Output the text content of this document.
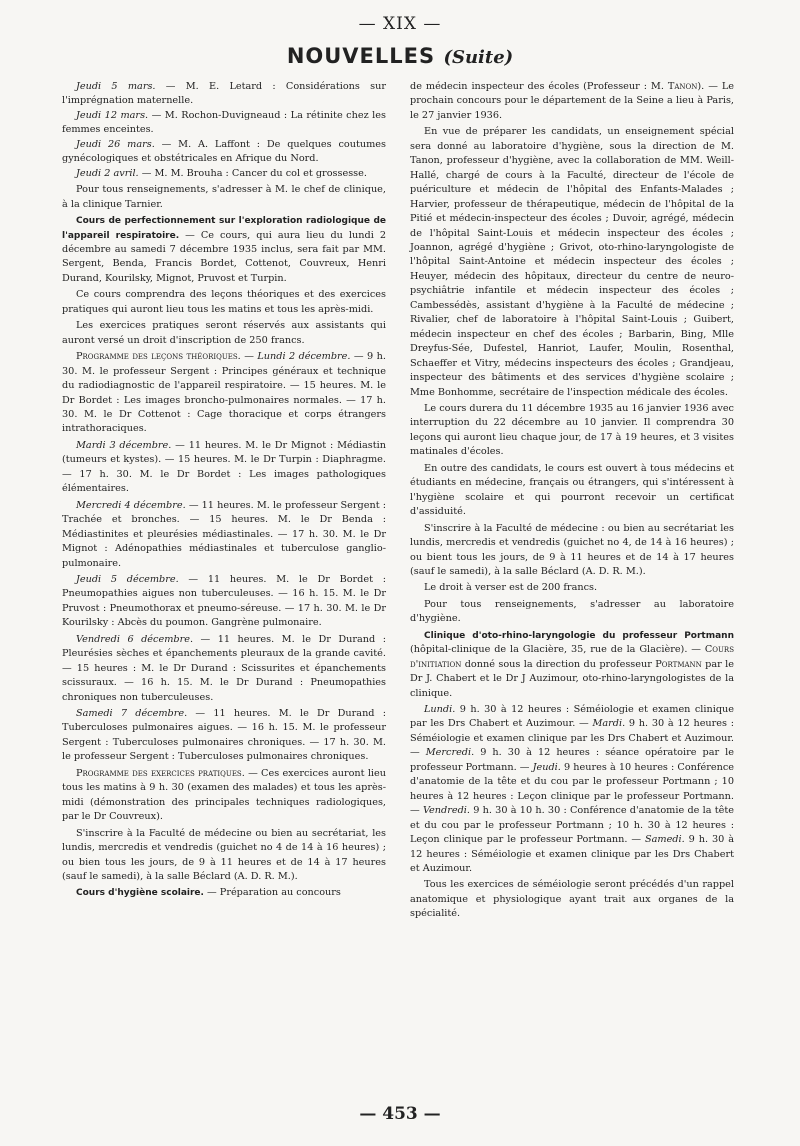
— XIX —
NOUVELLES (Suite)

Jeudi 5 mars. — M. E. Letard : Considérations sur l'imprégnation maternelle.

Jeudi 12 mars. — M. Rochon-Duvigneaud : La rétinite chez les femmes enceintes.

Jeudi 26 mars. — M. A. Laffont : De quelques coutumes gynécologiques et obstétricales en Afrique du Nord.

Jeudi 2 avril. — M. M. Brouha : Cancer du col et grossesse.

Pour tous renseignements, s'adresser à M. le chef de clinique, à la clinique Tarnier.

Cours de perfectionnement sur l'exploration radiologique de l'appareil respiratoire. — Ce cours, qui aura lieu du lundi 2 décembre au samedi 7 décembre 1935 inclus, sera fait par MM. Sergent, Benda, Francis Bordet, Cottenot, Couvreux, Henri Durand, Kourilsky, Mignot, Pruvost et Turpin.

Ce cours comprendra des leçons théoriques et des exercices pratiques qui auront lieu tous les matins et tous les après-midi.

Les exercices pratiques seront réservés aux assistants qui auront versé un droit d'inscription de 250 francs.

Programme des leçons théoriques. — Lundi 2 décembre. — 9 h. 30. M. le professeur Sergent : Principes généraux et technique du radiodiagnostic de l'appareil respiratoire. — 15 heures. M. le Dr Bordet : Les images broncho-pulmonaires normales. — 17 h. 30. M. le Dr Cottenot : Cage thoracique et corps étrangers intrathoraciques.

Mardi 3 décembre. — 11 heures. M. le Dr Mignot : Médiastin (tumeurs et kystes). — 15 heures. M. le Dr Turpin : Diaphragme. — 17 h. 30. M. le Dr Bordet : Les images pathologiques élémentaires.

Mercredi 4 décembre. — 11 heures. M. le professeur Sergent : Trachée et bronches. — 15 heures. M. le Dr Benda : Médiastinites et pleurésies médiastinales. — 17 h. 30. M. le Dr Mignot : Adénopathies médiastinales et tuberculose ganglio-pulmonaire.

Jeudi 5 décembre. — 11 heures. M. le Dr Bordet : Pneumopathies aigues non tuberculeuses. — 16 h. 15. M. le Dr Pruvost : Pneumothorax et pneumo-séreuse. — 17 h. 30. M. le Dr Kourilsky : Abcès du poumon. Gangrène pulmonaire.

Vendredi 6 décembre. — 11 heures. M. le Dr Durand : Pleurésies sèches et épanchements pleuraux de la grande cavité. — 15 heures : M. le Dr Durand : Scissurites et épanchements scissuraux. — 16 h. 15. M. le Dr Durand : Pneumopathies chroniques non tuberculeuses.

Samedi 7 décembre. — 11 heures. M. le Dr Durand : Tuberculoses pulmonaires aigues. — 16 h. 15. M. le professeur Sergent : Tuberculoses pulmonaires chroniques. — 17 h. 30. M. le professeur Sergent : Tuberculoses pulmonaires chroniques.

Programme des exercices pratiques. — Ces exercices auront lieu tous les matins à 9 h. 30 (examen des malades) et tous les après-midi (démonstration des principales techniques radiologiques, par le Dr Couvreux).

S'inscrire à la Faculté de médecine ou bien au secrétariat, les lundis, mercredis et vendredis (guichet no 4 de 14 à 16 heures) ; ou bien tous les jours, de 9 à 11 heures et de 14 à 17 heures (sauf le samedi), à la salle Béclard (A. D. R. M.).

Cours d'hygiène scolaire. — Préparation au concours

de médecin inspecteur des écoles (Professeur : M. Tanon). — Le prochain concours pour le département de la Seine a lieu à Paris, le 27 janvier 1936.

En vue de préparer les candidats, un enseignement spécial sera donné au laboratoire d'hygiène, sous la direction de M. Tanon, professeur d'hygiène, avec la collaboration de MM. Weill-Hallé, chargé de cours à la Faculté, directeur de l'école de puériculture et médecin de l'hôpital des Enfants-Malades ; Harvier, professeur de thérapeutique, médecin de l'hôpital de la Pitié et médecin-inspecteur des écoles ; Duvoir, agrégé, médecin de l'hôpital Saint-Louis et médecin inspecteur des écoles ; Joannon, agrégé d'hygiène ; Grivot, oto-rhino-laryngologiste de l'hôpital Saint-Antoine et médecin inspecteur des écoles ; Heuyer, médecin des hôpitaux, directeur du centre de neuro-psychiâtrie infantile et médecin inspecteur des écoles ; Cambessédès, assistant d'hygiène à la Faculté de médecine ; Rivalier, chef de laboratoire à l'hôpital Saint-Louis ; Guibert, médecin inspecteur en chef des écoles ; Barbarin, Bing, Mlle Dreyfus-Sée, Dufestel, Hanriot, Laufer, Moulin, Rosenthal, Schaeffer et Vitry, médecins inspecteurs des écoles ; Grandjeau, inspecteur des bâtiments et des services d'hygiène scolaire ; Mme Bonhomme, secrétaire de l'inspection médicale des écoles.

Le cours durera du 11 décembre 1935 au 16 janvier 1936 avec interruption du 22 décembre au 10 janvier. Il comprendra 30 leçons qui auront lieu chaque jour, de 17 à 19 heures, et 3 visites matinales d'écoles.

En outre des candidats, le cours est ouvert à tous médecins et étudiants en médecine, français ou étrangers, qui s'intéressent à l'hygiène scolaire et qui pourront recevoir un certificat d'assiduité.

S'inscrire à la Faculté de médecine : ou bien au secrétariat les lundis, mercredis et vendredis (guichet no 4, de 14 à 16 heures) ; ou bient tous les jours, de 9 à 11 heures et de 14 à 17 heures (sauf le samedi), à la salle Béclard (A. D. R. M.).

Le droit à verser est de 200 francs.

Pour tous renseignements, s'adresser au laboratoire d'hygiène.

Clinique d'oto-rhino-laryngologie du professeur Portmann (hôpital-clinique de la Glacière, 35, rue de la Glacière). — Cours d'initiation donné sous la direction du professeur Portmann par le Dr J. Chabert et le Dr J Auzimour, oto-rhino-laryngologistes de la clinique.

Lundi. 9 h. 30 à 12 heures : Séméiologie et examen clinique par les Drs Chabert et Auzimour. — Mardi. 9 h. 30 à 12 heures : Séméiologie et examen clinique par les Drs Chabert et Auzimour. — Mercredi. 9 h. 30 à 12 heures : séance opératoire par le professeur Portmann. — Jeudi. 9 heures à 10 heures : Conférence d'anatomie de la tête et du cou par le professeur Portmann ; 10 heures à 12 heures : Leçon clinique par le professeur Portmann. — Vendredi. 9 h. 30 à 10 h. 30 : Conférence d'anatomie de la tête et du cou par le professeur Portmann ; 10 h. 30 à 12 heures : Leçon clinique par le professeur Portmann. — Samedi. 9 h. 30 à 12 heures : Séméiologie et examen clinique par les Drs Chabert et Auzimour.

Tous les exercices de séméiologie seront précédés d'un rappel anatomique et physiologique ayant trait aux organes de la spécialité.

— 453 —
